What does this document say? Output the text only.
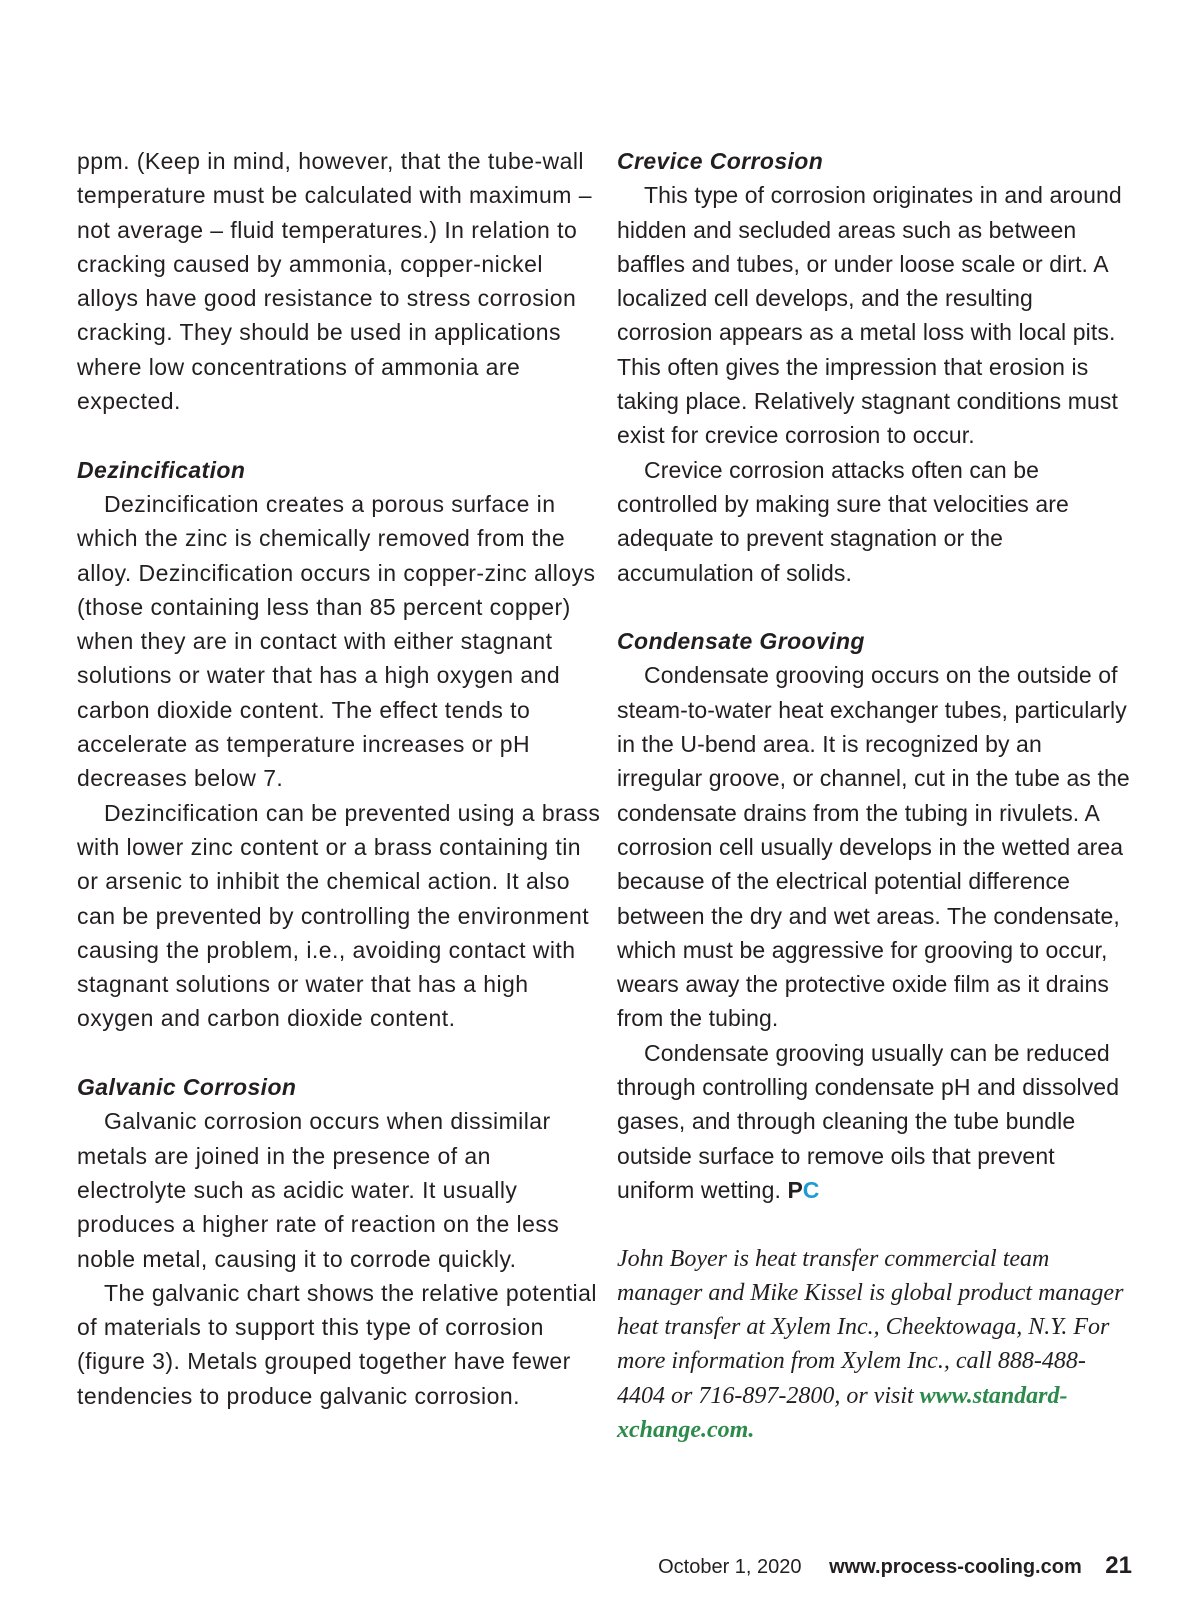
ppm. (Keep in mind, however, that the tube-wall temperature must be calculated with maximum – not average – fluid temperatures.) In relation to cracking caused by ammonia, copper-nickel alloys have good resistance to stress corrosion cracking. They should be used in applications where low concentrations of ammonia are expected.

Dezincification

Dezincification creates a porous surface in which the zinc is chemically removed from the alloy. Dezincification occurs in copper-zinc alloys (those containing less than 85 percent copper) when they are in contact with either stagnant solutions or water that has a high oxygen and carbon dioxide content. The effect tends to accelerate as temperature increases or pH decreases below 7.

Dezincification can be prevented using a brass with lower zinc content or a brass containing tin or arsenic to inhibit the chemical action. It also can be prevented by controlling the environment causing the problem, i.e., avoiding contact with stagnant solutions or water that has a high oxygen and carbon dioxide content.

Galvanic Corrosion

Galvanic corrosion occurs when dissimilar metals are joined in the presence of an electrolyte such as acidic water. It usually produces a higher rate of reaction on the less noble metal, causing it to corrode quickly.

The galvanic chart shows the relative potential of materials to support this type of corrosion (figure 3). Metals grouped together have fewer tendencies to produce galvanic corrosion.

Crevice Corrosion

This type of corrosion originates in and around hidden and secluded areas such as between baffles and tubes, or under loose scale or dirt. A localized cell develops, and the resulting corrosion appears as a metal loss with local pits. This often gives the impression that erosion is taking place. Relatively stagnant conditions must exist for crevice corrosion to occur.

Crevice corrosion attacks often can be controlled by making sure that velocities are adequate to prevent stagnation or the accumulation of solids.

Condensate Grooving

Condensate grooving occurs on the outside of steam-to-water heat exchanger tubes, particularly in the U-bend area. It is recognized by an irregular groove, or channel, cut in the tube as the condensate drains from the tubing in rivulets. A corrosion cell usually develops in the wetted area because of the electrical potential difference between the dry and wet areas. The condensate, which must be aggressive for grooving to occur, wears away the protective oxide film as it drains from the tubing.

Condensate grooving usually can be reduced through controlling condensate pH and dissolved gases, and through cleaning the tube bundle outside surface to remove oils that prevent uniform wetting. PC

John Boyer is heat transfer commercial team manager and Mike Kissel is global product manager heat transfer at Xylem Inc., Cheektowaga, N.Y. For more information from Xylem Inc., call 888-488-4404 or 716-897-2800, or visit www.standard-xchange.com.

October 1, 2020 www.process-cooling.com 21
